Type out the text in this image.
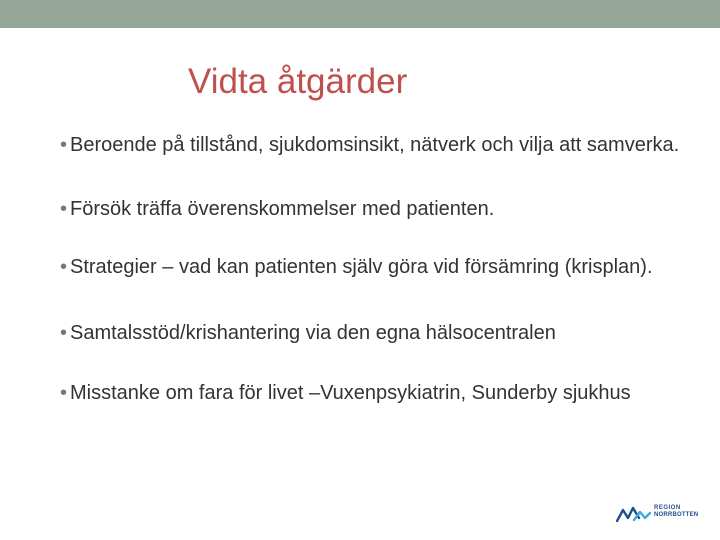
Vidta åtgärder
• Beroende på tillstånd, sjukdomsinsikt, nätverk och vilja att samverka.
• Försök träffa överenskommelser med patienten.
• Strategier – vad kan patienten själv göra vid försämring (krisplan).
• Samtalsstöd/krishantering via den egna hälsocentralen
• Misstanke om fara för livet –Vuxenpsykiatrin, Sunderby sjukhus
REGION
NORRBOTTEN
